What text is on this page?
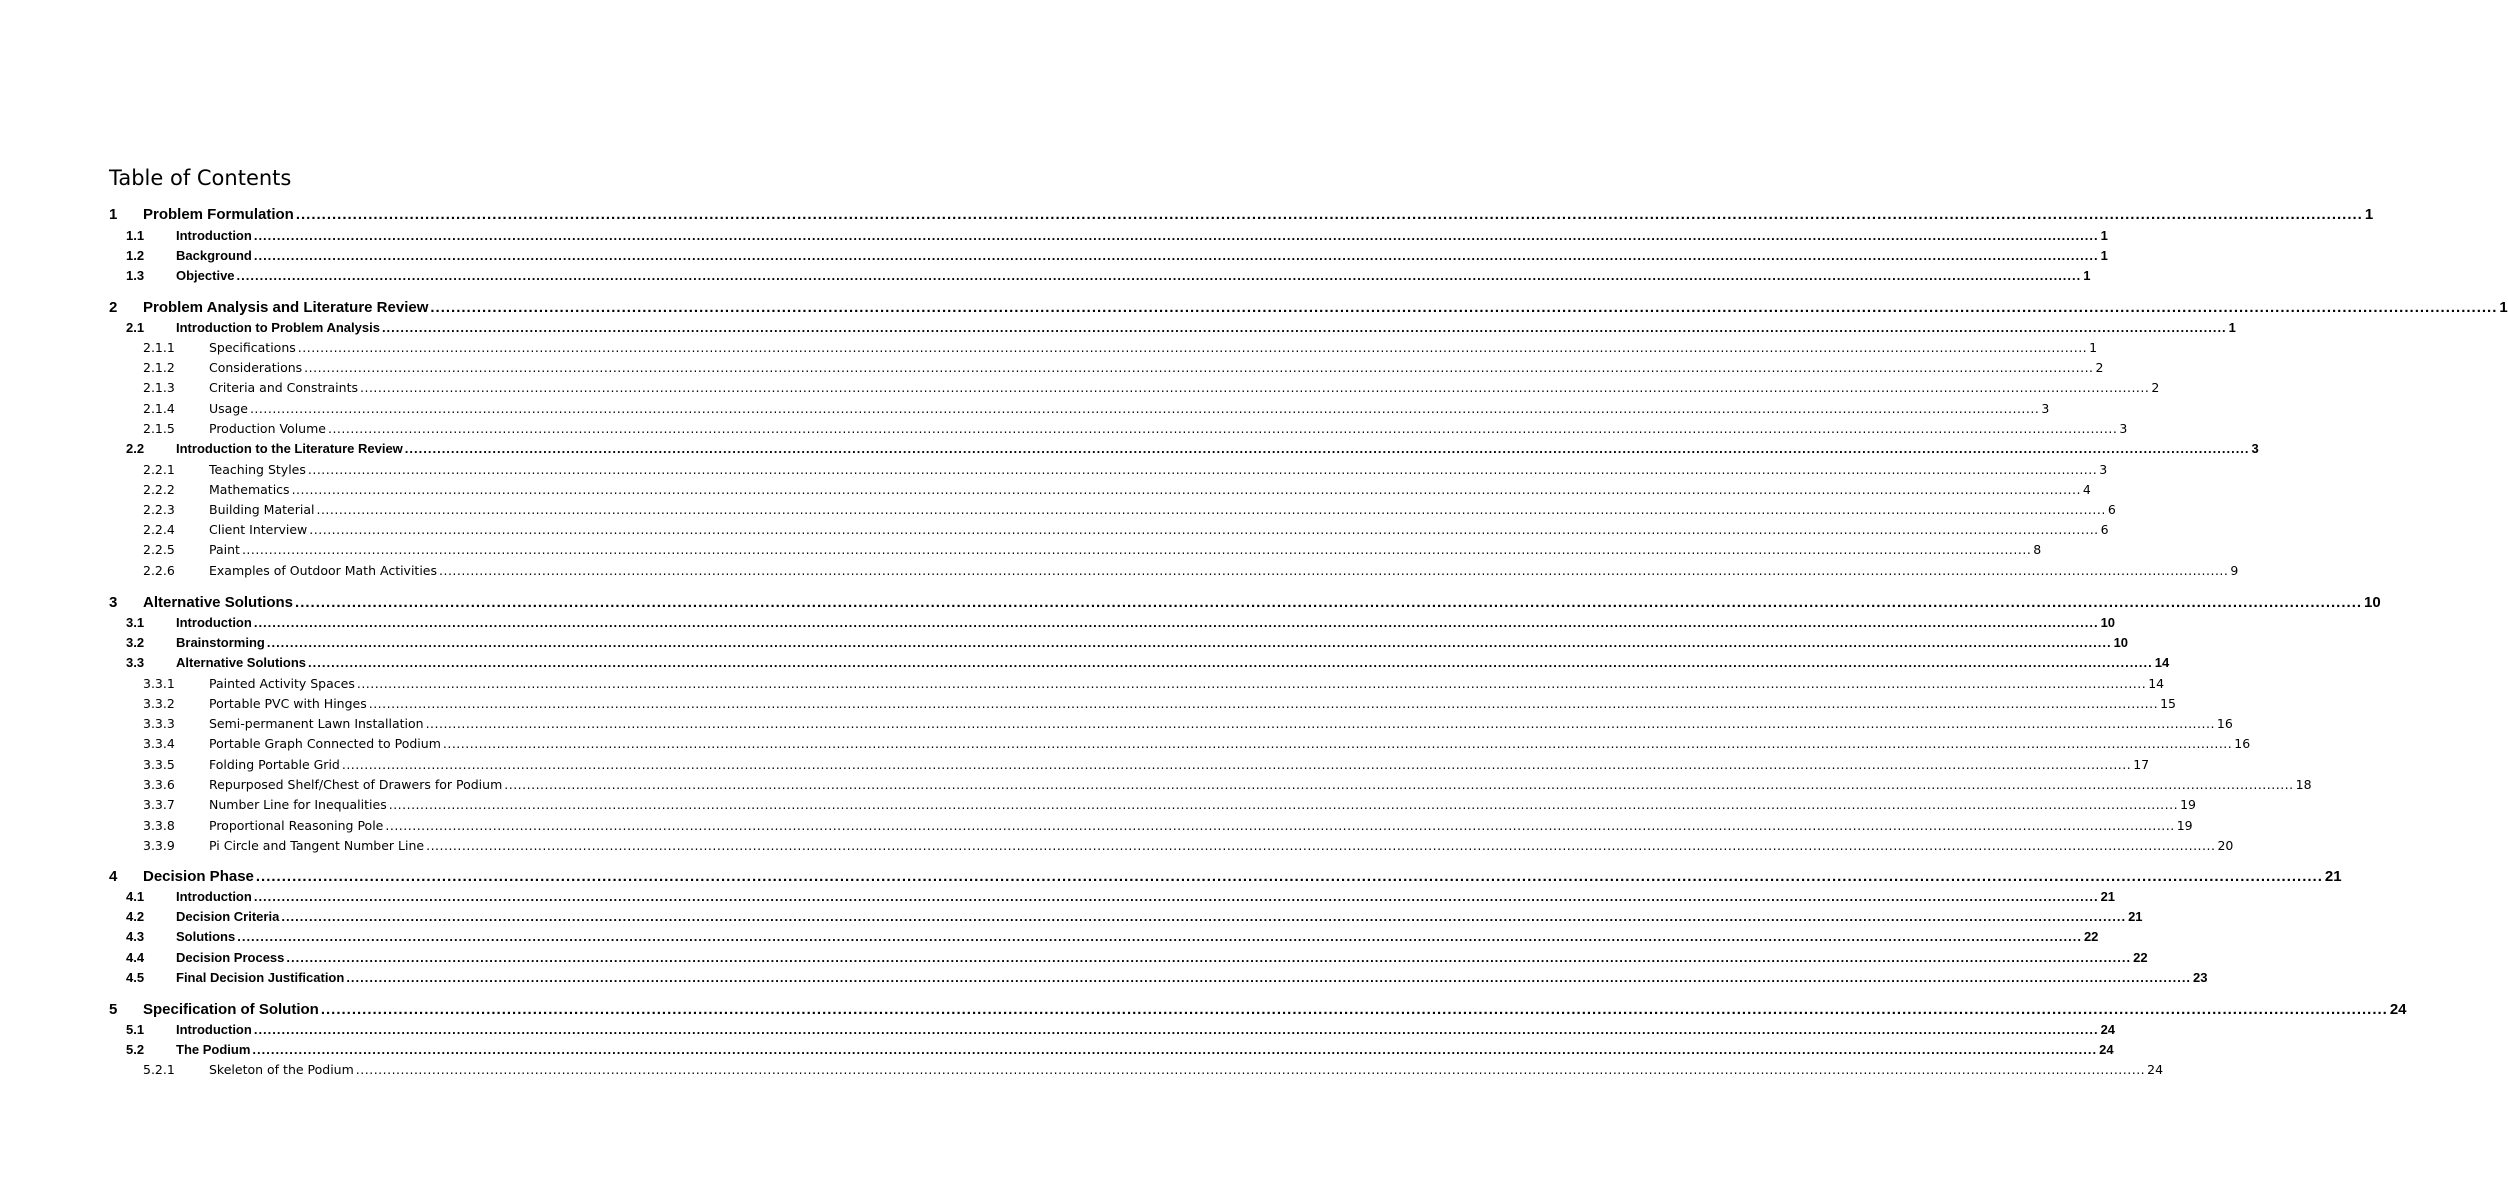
Table of Contents
1 Problem Formulation ................................................................................................................................................................................................................................................................................................................................................................................................................ 1
1.1 Introduction ................................................................................................................................................................................................................................................................................................................................................................................................................ 1
1.2 Background ................................................................................................................................................................................................................................................................................................................................................................................................................ 1
1.3 Objective ................................................................................................................................................................................................................................................................................................................................................................................................................ 1
2 Problem Analysis and Literature Review ................................................................................................................................................................................................................................................................................................................................................................................................................ 1
2.1 Introduction to Problem Analysis ................................................................................................................................................................................................................................................................................................................................................................................................................ 1
2.1.1	Specifications ................................................................................................................................................................................................................................................................................................................................................................................................................ 1
2.1.2	Considerations ................................................................................................................................................................................................................................................................................................................................................................................................................ 2
2.1.3	Criteria and Constraints ................................................................................................................................................................................................................................................................................................................................................................................................................ 2
2.1.4	Usage ................................................................................................................................................................................................................................................................................................................................................................................................................ 3
2.1.5	Production Volume ................................................................................................................................................................................................................................................................................................................................................................................................................ 3
2.2 Introduction to the Literature Review ................................................................................................................................................................................................................................................................................................................................................................................................................ 3
2.2.1	Teaching Styles ................................................................................................................................................................................................................................................................................................................................................................................................................ 3
2.2.2	Mathematics ................................................................................................................................................................................................................................................................................................................................................................................................................ 4
2.2.3	Building Material ................................................................................................................................................................................................................................................................................................................................................................................................................ 6
2.2.4	Client Interview ................................................................................................................................................................................................................................................................................................................................................................................................................ 6
2.2.5	Paint ................................................................................................................................................................................................................................................................................................................................................................................................................ 8
2.2.6	Examples of Outdoor Math Activities ................................................................................................................................................................................................................................................................................................................................................................................................................ 9
3 Alternative Solutions ................................................................................................................................................................................................................................................................................................................................................................................................................ 10
3.1 Introduction ................................................................................................................................................................................................................................................................................................................................................................................................................ 10
3.2 Brainstorming ................................................................................................................................................................................................................................................................................................................................................................................................................ 10
3.3 Alternative Solutions ................................................................................................................................................................................................................................................................................................................................................................................................................ 14
3.3.1	Painted Activity Spaces ................................................................................................................................................................................................................................................................................................................................................................................................................ 14
3.3.2	Portable PVC with Hinges ................................................................................................................................................................................................................................................................................................................................................................................................................ 15
3.3.3	Semi-permanent Lawn Installation ................................................................................................................................................................................................................................................................................................................................................................................................................ 16
3.3.4	Portable Graph Connected to Podium ................................................................................................................................................................................................................................................................................................................................................................................................................ 16
3.3.5	Folding Portable Grid ................................................................................................................................................................................................................................................................................................................................................................................................................ 17
3.3.6	Repurposed Shelf/Chest of Drawers for Podium ................................................................................................................................................................................................................................................................................................................................................................................................................ 18
3.3.7	Number Line for Inequalities ................................................................................................................................................................................................................................................................................................................................................................................................................ 19
3.3.8	Proportional Reasoning Pole ................................................................................................................................................................................................................................................................................................................................................................................................................ 19
3.3.9	Pi Circle and Tangent Number Line ................................................................................................................................................................................................................................................................................................................................................................................................................ 20
4 Decision Phase ................................................................................................................................................................................................................................................................................................................................................................................................................ 21
4.1 Introduction ................................................................................................................................................................................................................................................................................................................................................................................................................ 21
4.2 Decision Criteria ................................................................................................................................................................................................................................................................................................................................................................................................................ 21
4.3 Solutions ................................................................................................................................................................................................................................................................................................................................................................................................................ 22
4.4 Decision Process ................................................................................................................................................................................................................................................................................................................................................................................................................ 22
4.5 Final Decision Justification ................................................................................................................................................................................................................................................................................................................................................................................................................ 23
5 Specification of Solution ................................................................................................................................................................................................................................................................................................................................................................................................................ 24
5.1 Introduction ................................................................................................................................................................................................................................................................................................................................................................................................................ 24
5.2 The Podium ................................................................................................................................................................................................................................................................................................................................................................................................................ 24
5.2.1	Skeleton of the Podium ................................................................................................................................................................................................................................................................................................................................................................................................................ 24
